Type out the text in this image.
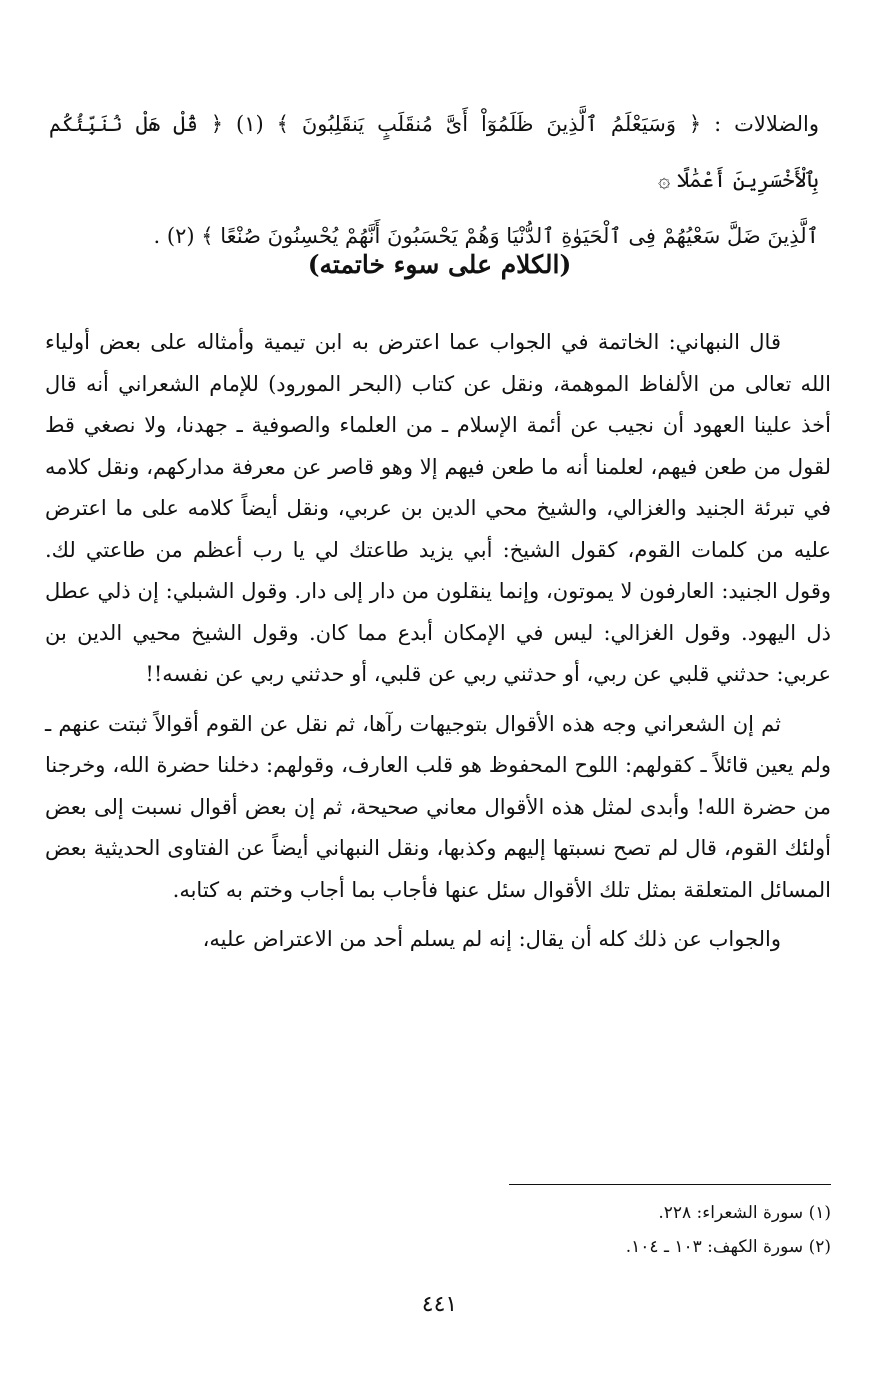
والضلالات : ﴿ وَسَيَعْلَمُ ٱلَّذِينَ ظَلَمُوٓاْ أَىَّ مُنقَلَبٍ يَنقَلِبُونَ ﴾ (١) ﴿ قُلْ هَلْ نُنَبِّئُكُم بِٱلْأَخْسَرِينَ أَعْمَٰلًا ۞
ٱلَّذِينَ ضَلَّ سَعْيُهُمْ فِى ٱلْحَيَوٰةِ ٱلدُّنْيَا وَهُمْ يَحْسَبُونَ أَنَّهُمْ يُحْسِنُونَ صُنْعًا ﴾ (٢) .
(الكلام على سوء خاتمته)

قال النبهاني: الخاتمة في الجواب عما اعترض به ابن تيمية وأمثاله على بعض أولياء الله تعالى من الألفاظ الموهمة، ونقل عن كتاب (البحر المورود) للإمام الشعراني أنه قال أخذ علينا العهود أن نجيب عن أئمة الإسلام ـ من العلماء والصوفية ـ جهدنا، ولا نصغي قط لقول من طعن فيهم، لعلمنا أنه ما طعن فيهم إلا وهو قاصر عن معرفة مداركهم، ونقل كلامه في تبرئة الجنيد والغزالي، والشيخ محي الدين بن عربي، ونقل أيضاً كلامه على ما اعترض عليه من كلمات القوم، كقول الشيخ: أبي يزيد طاعتك لي يا رب أعظم من طاعتي لك. وقول الجنيد: العارفون لا يموتون، وإنما ينقلون من دار إلى دار. وقول الشبلي: إن ذلي عطل ذل اليهود. وقول الغزالي: ليس في الإمكان أبدع مما كان. وقول الشيخ محيي الدين بن عربي: حدثني قلبي عن ربي، أو حدثني ربي عن قلبي، أو حدثني ربي عن نفسه!!

ثم إن الشعراني وجه هذه الأقوال بتوجيهات رآها، ثم نقل عن القوم أقوالاً ثبتت عنهم ـ ولم يعين قائلاً ـ كقولهم: اللوح المحفوظ هو قلب العارف، وقولهم: دخلنا حضرة الله، وخرجنا من حضرة الله! وأبدى لمثل هذه الأقوال معاني صحيحة، ثم إن بعض أقوال نسبت إلى بعض أولئك القوم، قال لم تصح نسبتها إليهم وكذبها، ونقل النبهاني أيضاً عن الفتاوى الحديثية بعض المسائل المتعلقة بمثل تلك الأقوال سئل عنها فأجاب بما أجاب وختم به كتابه.

والجواب عن ذلك كله أن يقال: إنه لم يسلم أحد من الاعتراض عليه،

(١) سورة الشعراء: ٢٢٨.
(٢) سورة الكهف: ١٠٣ ـ ١٠٤.
٤٤١
